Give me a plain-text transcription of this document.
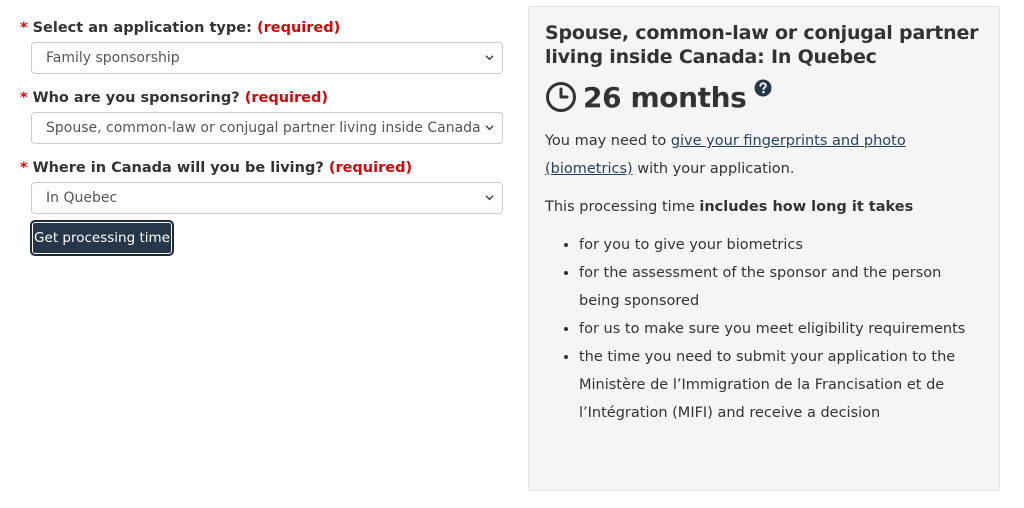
* Select an application type: (required)
Family sponsorship
* Who are you sponsoring? (required)
Spouse, common-law or conjugal partner living inside Canada
* Where in Canada will you be living? (required)
In Quebec
Get processing time
Spouse, common-law or conjugal partner living inside Canada: In Quebec
26 months

You may need to give your fingerprints and photo (biometrics) with your application.

This processing time includes how long it takes

• for you to give your biometrics
• for the assessment of the sponsor and the person being sponsored
• for us to make sure you meet eligibility requirements
• the time you need to submit your application to the Ministère de l’Immigration de la Francisation et de l’Intégration (MIFI) and receive a decision
